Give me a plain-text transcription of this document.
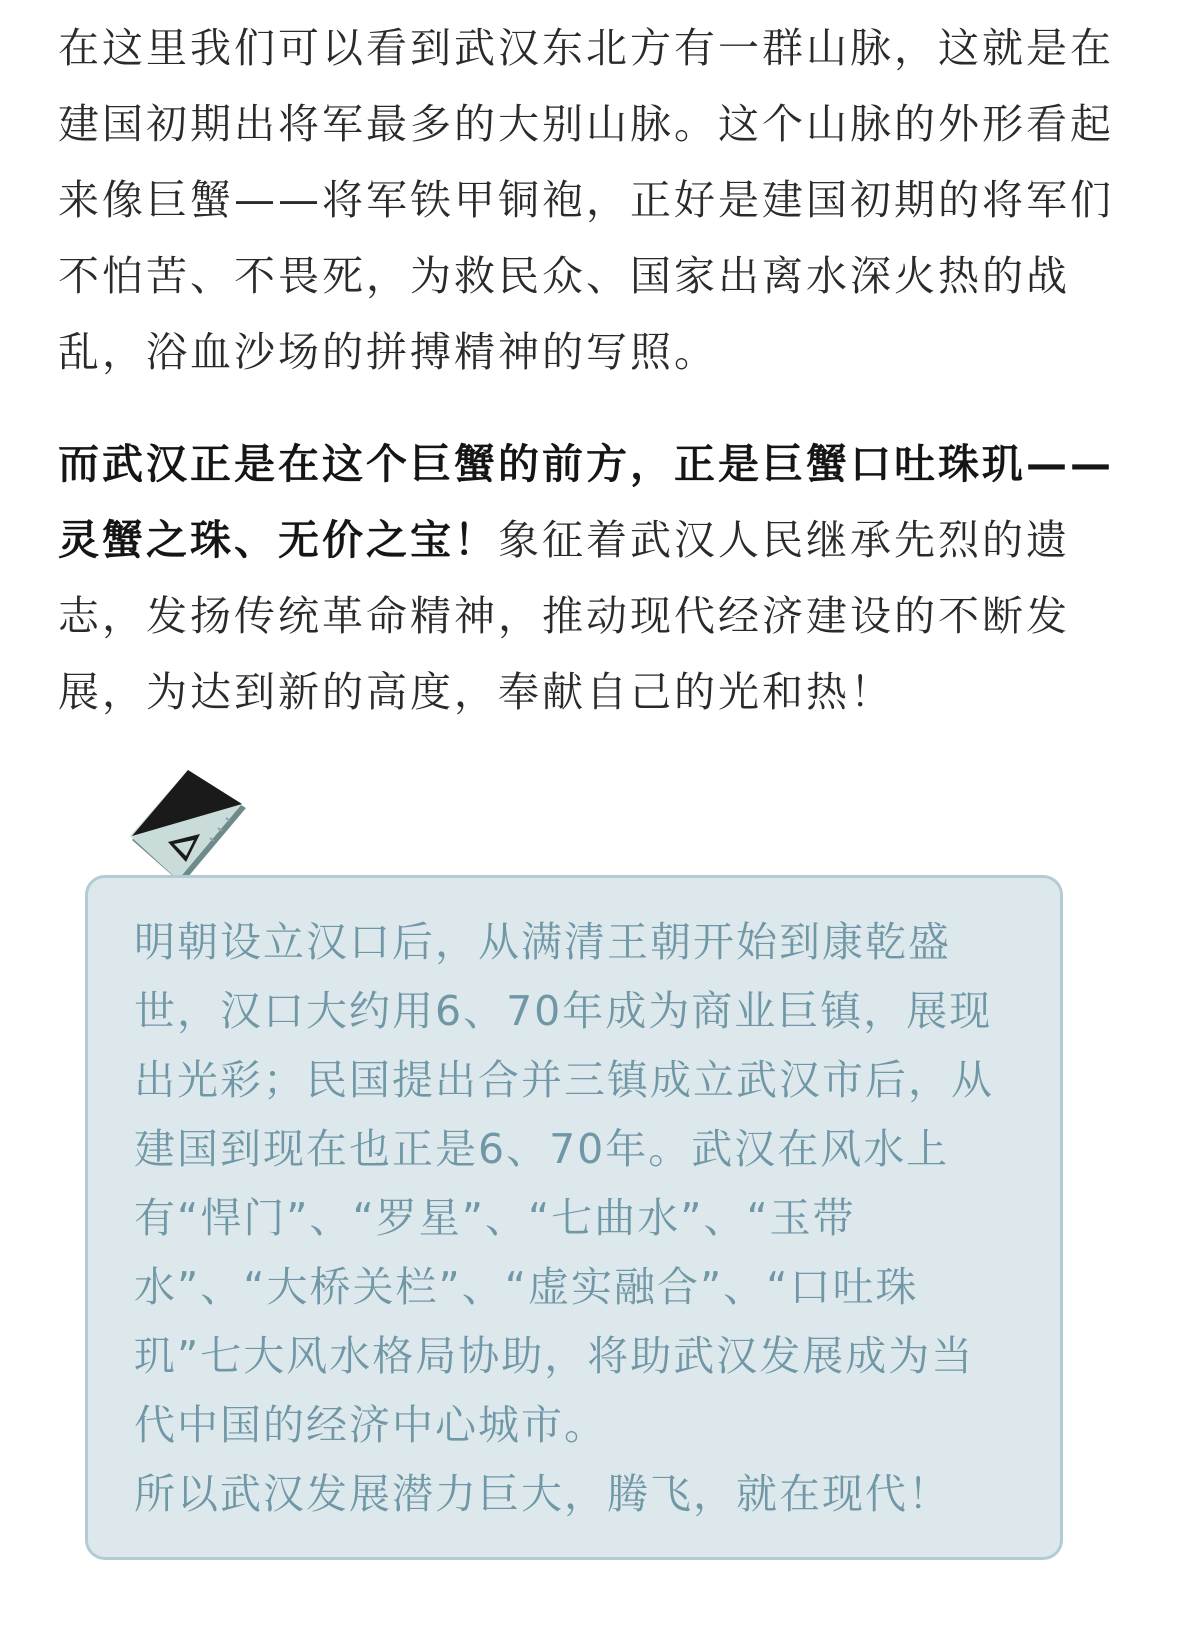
在这里我们可以看到武汉东北方有一群山脉，这就是在建国初期出将军最多的大别山脉。这个山脉的外形看起来像巨蟹——将军铁甲铜袍，正好是建国初期的将军们不怕苦、不畏死，为救民众、国家出离水深火热的战乱，浴血沙场的拼搏精神的写照。

而武汉正是在这个巨蟹的前方，正是巨蟹口吐珠玑——灵蟹之珠、无价之宝！象征着武汉人民继承先烈的遗志，发扬传统革命精神，推动现代经济建设的不断发展，为达到新的高度，奉献自己的光和热！

明朝设立汉口后，从满清王朝开始到康乾盛世，汉口大约用6、70年成为商业巨镇，展现出光彩；民国提出合并三镇成立武汉市后，从建国到现在也正是6、70年。武汉在风水上有“悍门”、“罗星”、“七曲水”、“玉带水”、“大桥关栏”、“虚实融合”、“口吐珠玑”七大风水格局协助，将助武汉发展成为当代中国的经济中心城市。

所以武汉发展潜力巨大，腾飞，就在现代！
